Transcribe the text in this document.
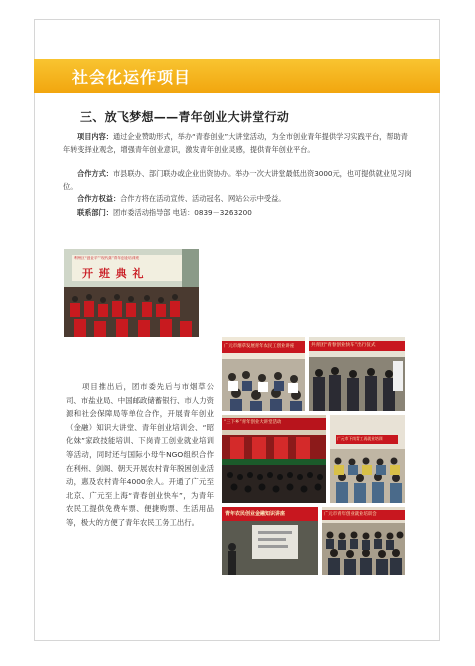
社会化运作项目
三、放飞梦想——青年创业大讲堂行动
项目内容：通过企业赞助形式，举办“青春创业”大讲堂活动，为全市创业青年提供学习实践平台，帮助青年转变择业观念，增强青年创业意识，激发青年创业灵感，提供青年创业平台。
合作方式：市县联办、部门联办或企业出资协办。举办一次大讲堂最低出资3000元，也可提供就业见习岗位。
合作方权益：合作方将在活动宣传、活动冠名、网站公示中受益。
联系部门：团市委活动指导部 电话：0839－3263200
利州区“创业平””现代妹”青年创业培训班
开 班 典 礼
广元市烟草发展青年农民工创业讲座	共青团“青春创业快车”出行仪式
“三下乡”青年创业大讲堂活动
广元市下岗青工再就业培训
青年农民创业金融知识讲座	广元市青年创业就业培训会
项目推出后，团市委先后与市烟草公司、市盐业局、中国邮政储蓄银行、市人力资源和社会保障局等单位合作，开展青年创业（金融）知识大讲堂、青年创业培训会、“昭化妹”家政技能培训、下岗青工创业就业培训等活动，同时还与国际小母牛NGO组织合作在利州、剑阁、朝天开展农村青年脱困创业活动，惠及农村青年4000余人。开通了广元至北京、广元至上海“青春创业快车”，为青年农民工提供免费车票、便捷购票、生活用品等，极大的方便了青年农民工务工出行。
